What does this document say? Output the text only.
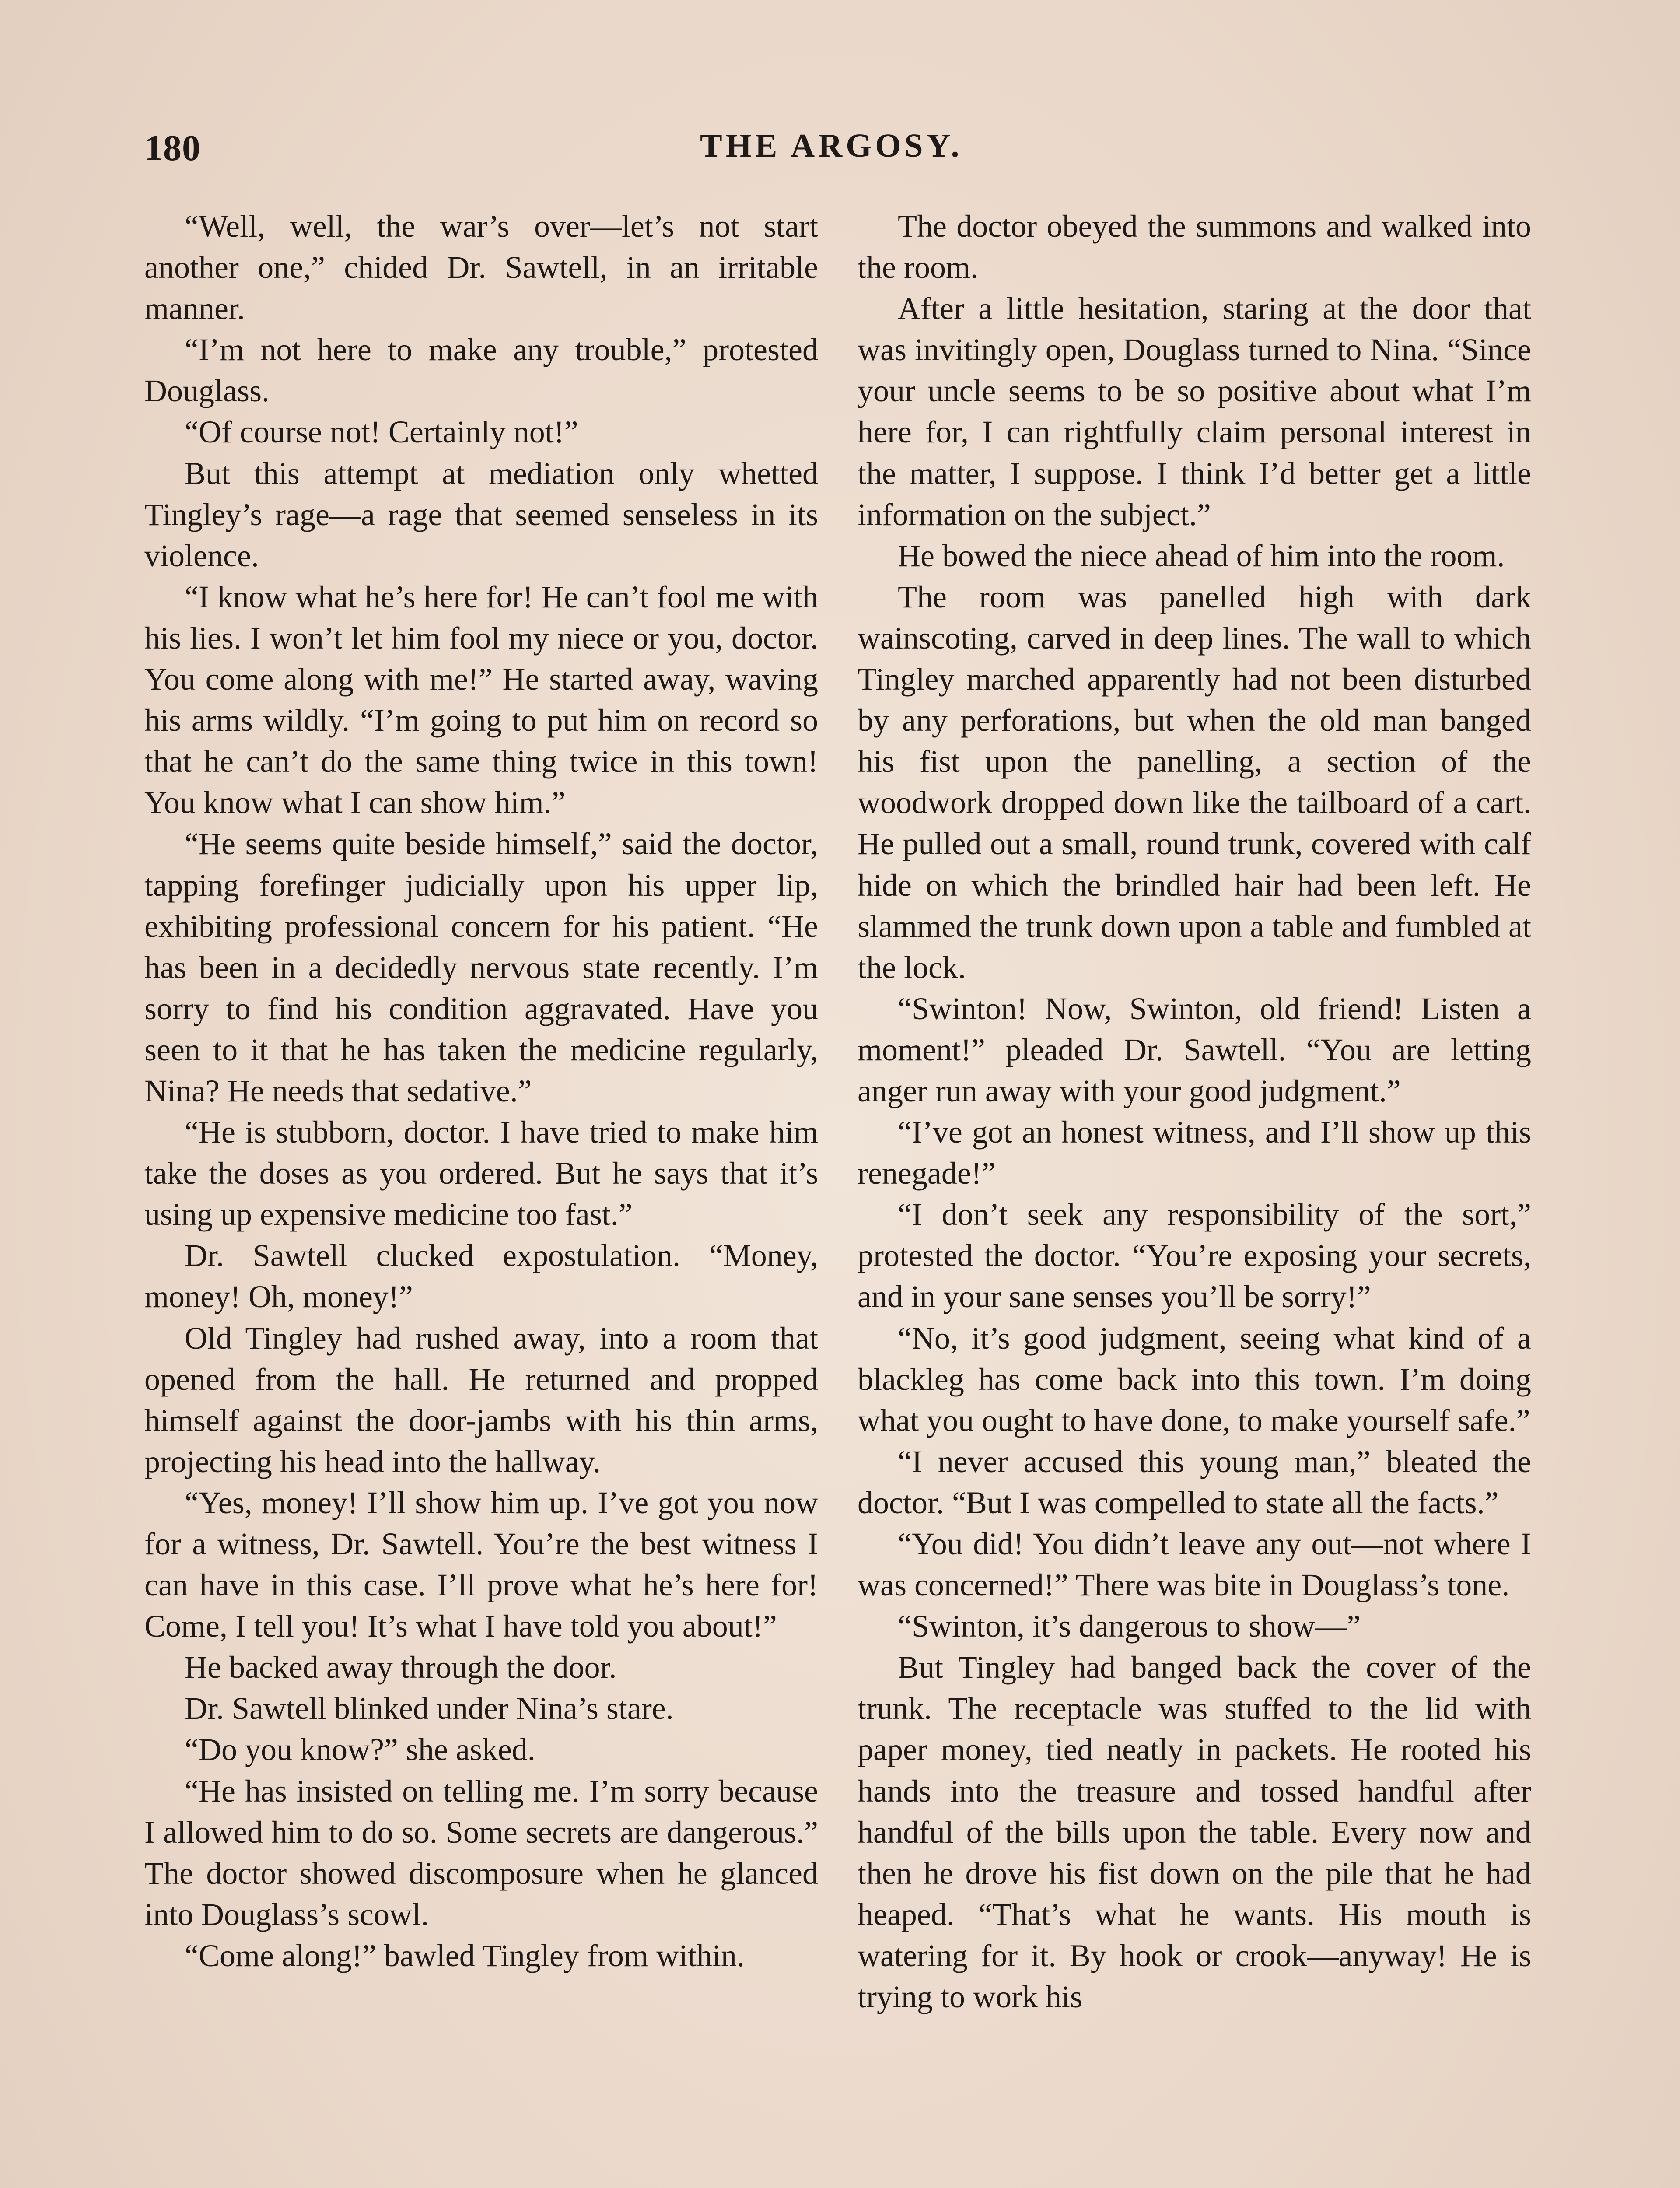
180	THE ARGOSY.

“Well, well, the war’s over—let’s not start another one,” chided Dr. Sawtell, in an irritable manner.

“I’m not here to make any trouble,” protested Douglass.

“Of course not! Certainly not!”

But this attempt at mediation only whetted Tingley’s rage—a rage that seemed senseless in its violence.

“I know what he’s here for! He can’t fool me with his lies. I won’t let him fool my niece or you, doctor. You come along with me!” He started away, waving his arms wildly. “I’m going to put him on record so that he can’t do the same thing twice in this town! You know what I can show him.”

“He seems quite beside himself,” said the doctor, tapping forefinger judicially upon his upper lip, exhibiting professional concern for his patient. “He has been in a decidedly nervous state recently. I’m sorry to find his condition aggravated. Have you seen to it that he has taken the medicine regularly, Nina? He needs that sedative.”

“He is stubborn, doctor. I have tried to make him take the doses as you ordered. But he says that it’s using up expensive medicine too fast.”

Dr. Sawtell clucked expostulation. “Money, money! Oh, money!”

Old Tingley had rushed away, into a room that opened from the hall. He returned and propped himself against the door-jambs with his thin arms, projecting his head into the hallway.

“Yes, money! I’ll show him up. I’ve got you now for a witness, Dr. Sawtell. You’re the best witness I can have in this case. I’ll prove what he’s here for! Come, I tell you! It’s what I have told you about!”

He backed away through the door.

Dr. Sawtell blinked under Nina’s stare.

“Do you know?” she asked.

“He has insisted on telling me. I’m sorry because I allowed him to do so. Some secrets are dangerous.” The doctor showed discomposure when he glanced into Douglass’s scowl.

“Come along!” bawled Tingley from within.

The doctor obeyed the summons and walked into the room.

After a little hesitation, staring at the door that was invitingly open, Douglass turned to Nina. “Since your uncle seems to be so positive about what I’m here for, I can rightfully claim personal interest in the matter, I suppose. I think I’d better get a little information on the subject.”

He bowed the niece ahead of him into the room.

The room was panelled high with dark wainscoting, carved in deep lines. The wall to which Tingley marched apparently had not been disturbed by any perforations, but when the old man banged his fist upon the panelling, a section of the woodwork dropped down like the tailboard of a cart. He pulled out a small, round trunk, covered with calf hide on which the brindled hair had been left. He slammed the trunk down upon a table and fumbled at the lock.

“Swinton! Now, Swinton, old friend! Listen a moment!” pleaded Dr. Sawtell. “You are letting anger run away with your good judgment.”

“I’ve got an honest witness, and I’ll show up this renegade!”

“I don’t seek any responsibility of the sort,” protested the doctor. “You’re exposing your secrets, and in your sane senses you’ll be sorry!”

“No, it’s good judgment, seeing what kind of a blackleg has come back into this town. I’m doing what you ought to have done, to make yourself safe.”

“I never accused this young man,” bleated the doctor. “But I was compelled to state all the facts.”

“You did! You didn’t leave any out—not where I was concerned!” There was bite in Douglass’s tone.

“Swinton, it’s dangerous to show—”

But Tingley had banged back the cover of the trunk. The receptacle was stuffed to the lid with paper money, tied neatly in packets. He rooted his hands into the treasure and tossed handful after handful of the bills upon the table. Every now and then he drove his fist down on the pile that he had heaped. “That’s what he wants. His mouth is watering for it. By hook or crook—anyway! He is trying to work his
